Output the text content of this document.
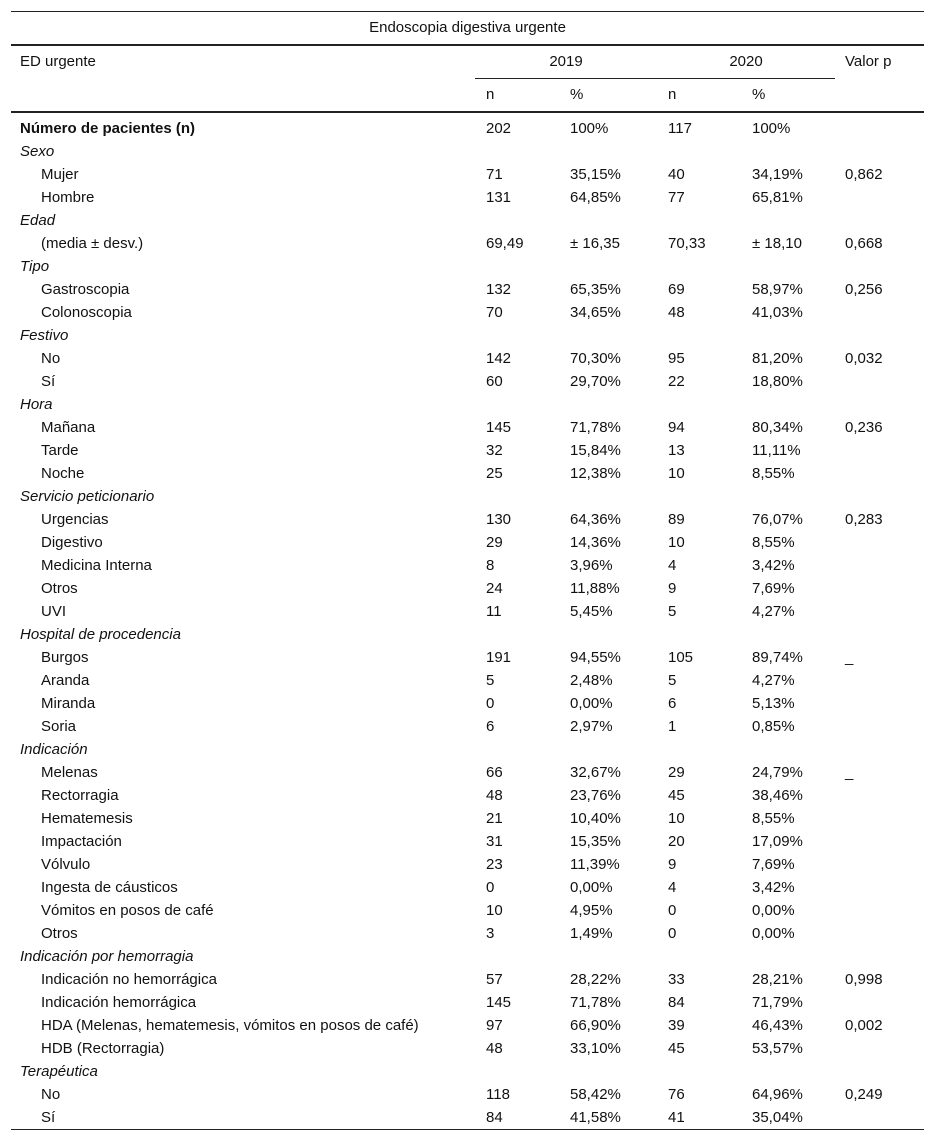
Endoscopia digestiva urgente					
ED urgente	2019		2020		Valor p
	n	%	n	%	

Número de pacientes (n)	202	100%	117	100%	
Sexo					
Mujer	71	35,15%	40	34,19%	0,862
Hombre	131	64,85%	77	65,81%	
Edad					
(media ± desv.)	69,49	± 16,35	70,33	± 18,10	0,668
Tipo					
Gastroscopia	132	65,35%	69	58,97%	0,256
Colonoscopia	70	34,65%	48	41,03%	
Festivo					
No	142	70,30%	95	81,20%	0,032
Sí	60	29,70%	22	18,80%	
Hora					
Mañana	145	71,78%	94	80,34%	0,236
Tarde	32	15,84%	13	11,11%	
Noche	25	12,38%	10	8,55%	
Servicio peticionario					
Urgencias	130	64,36%	89	76,07%	0,283
Digestivo	29	14,36%	10	8,55%	
Medicina Interna	8	3,96%	4	3,42%	
Otros	24	11,88%	9	7,69%	
UVI	11	5,45%	5	4,27%	
Hospital de procedencia					
Burgos	191	94,55%	105	89,74%	_
Aranda	5	2,48%	5	4,27%	
Miranda	0	0,00%	6	5,13%	
Soria	6	2,97%	1	0,85%	
Indicación					
Melenas	66	32,67%	29	24,79%	_
Rectorragia	48	23,76%	45	38,46%	
Hematemesis	21	10,40%	10	8,55%	
Impactación	31	15,35%	20	17,09%	
Vólvulo	23	11,39%	9	7,69%	
Ingesta de cáusticos	0	0,00%	4	3,42%	
Vómitos en posos de café	10	4,95%	0	0,00%	
Otros	3	1,49%	0	0,00%	
Indicación por hemorragia					
Indicación no hemorrágica	57	28,22%	33	28,21%	0,998
Indicación hemorrágica	145	71,78%	84	71,79%	
HDA (Melenas, hematemesis, vómitos en posos de café)	97	66,90%	39	46,43%	0,002
HDB (Rectorragia)	48	33,10%	45	53,57%	
Terapéutica					
No	118	58,42%	76	64,96%	0,249
Sí	84	41,58%	41	35,04%	
